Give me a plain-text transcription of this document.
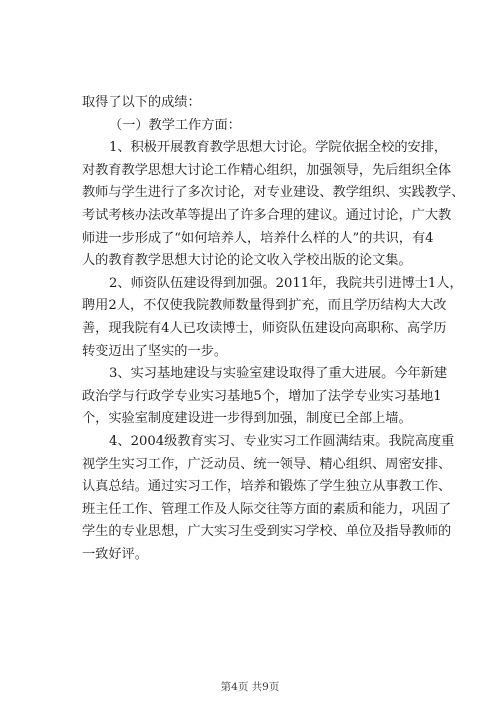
取得了以下的成绩：
（一）教学工作方面：
1、积极开展教育教学思想大讨论。学院依据全校的安排，
对教育教学思想大讨论工作精心组织，加强领导，先后组织全体
教师与学生进行了多次讨论，对专业建设、教学组织、实践教学、
考试考核办法改革等提出了许多合理的建议。通过讨论，广大教
师进一步形成了“如何培养人，培养什么样的人”的共识，有4
人的教育教学思想大讨论的论文收入学校出版的论文集。
2、师资队伍建设得到加强。2011年，我院共引进博士1人，
聘用2人，不仅使我院教师数量得到扩充，而且学历结构大大改
善，现我院有4人已攻读博士，师资队伍建设向高职称、高学历
转变迈出了坚实的一步。
3、实习基地建设与实验室建设取得了重大进展。今年新建
政治学与行政学专业实习基地5个，增加了法学专业实习基地1
个，实验室制度建设进一步得到加强，制度已全部上墙。
4、2004级教育实习、专业实习工作圆满结束。我院高度重
视学生实习工作，广泛动员、统一领导、精心组织、周密安排、
认真总结。通过实习工作，培养和锻炼了学生独立从事教工作、
班主任工作、管理工作及人际交往等方面的素质和能力，巩固了
学生的专业思想，广大实习生受到实习学校、单位及指导教师的
一致好评。
第4页 共9页
